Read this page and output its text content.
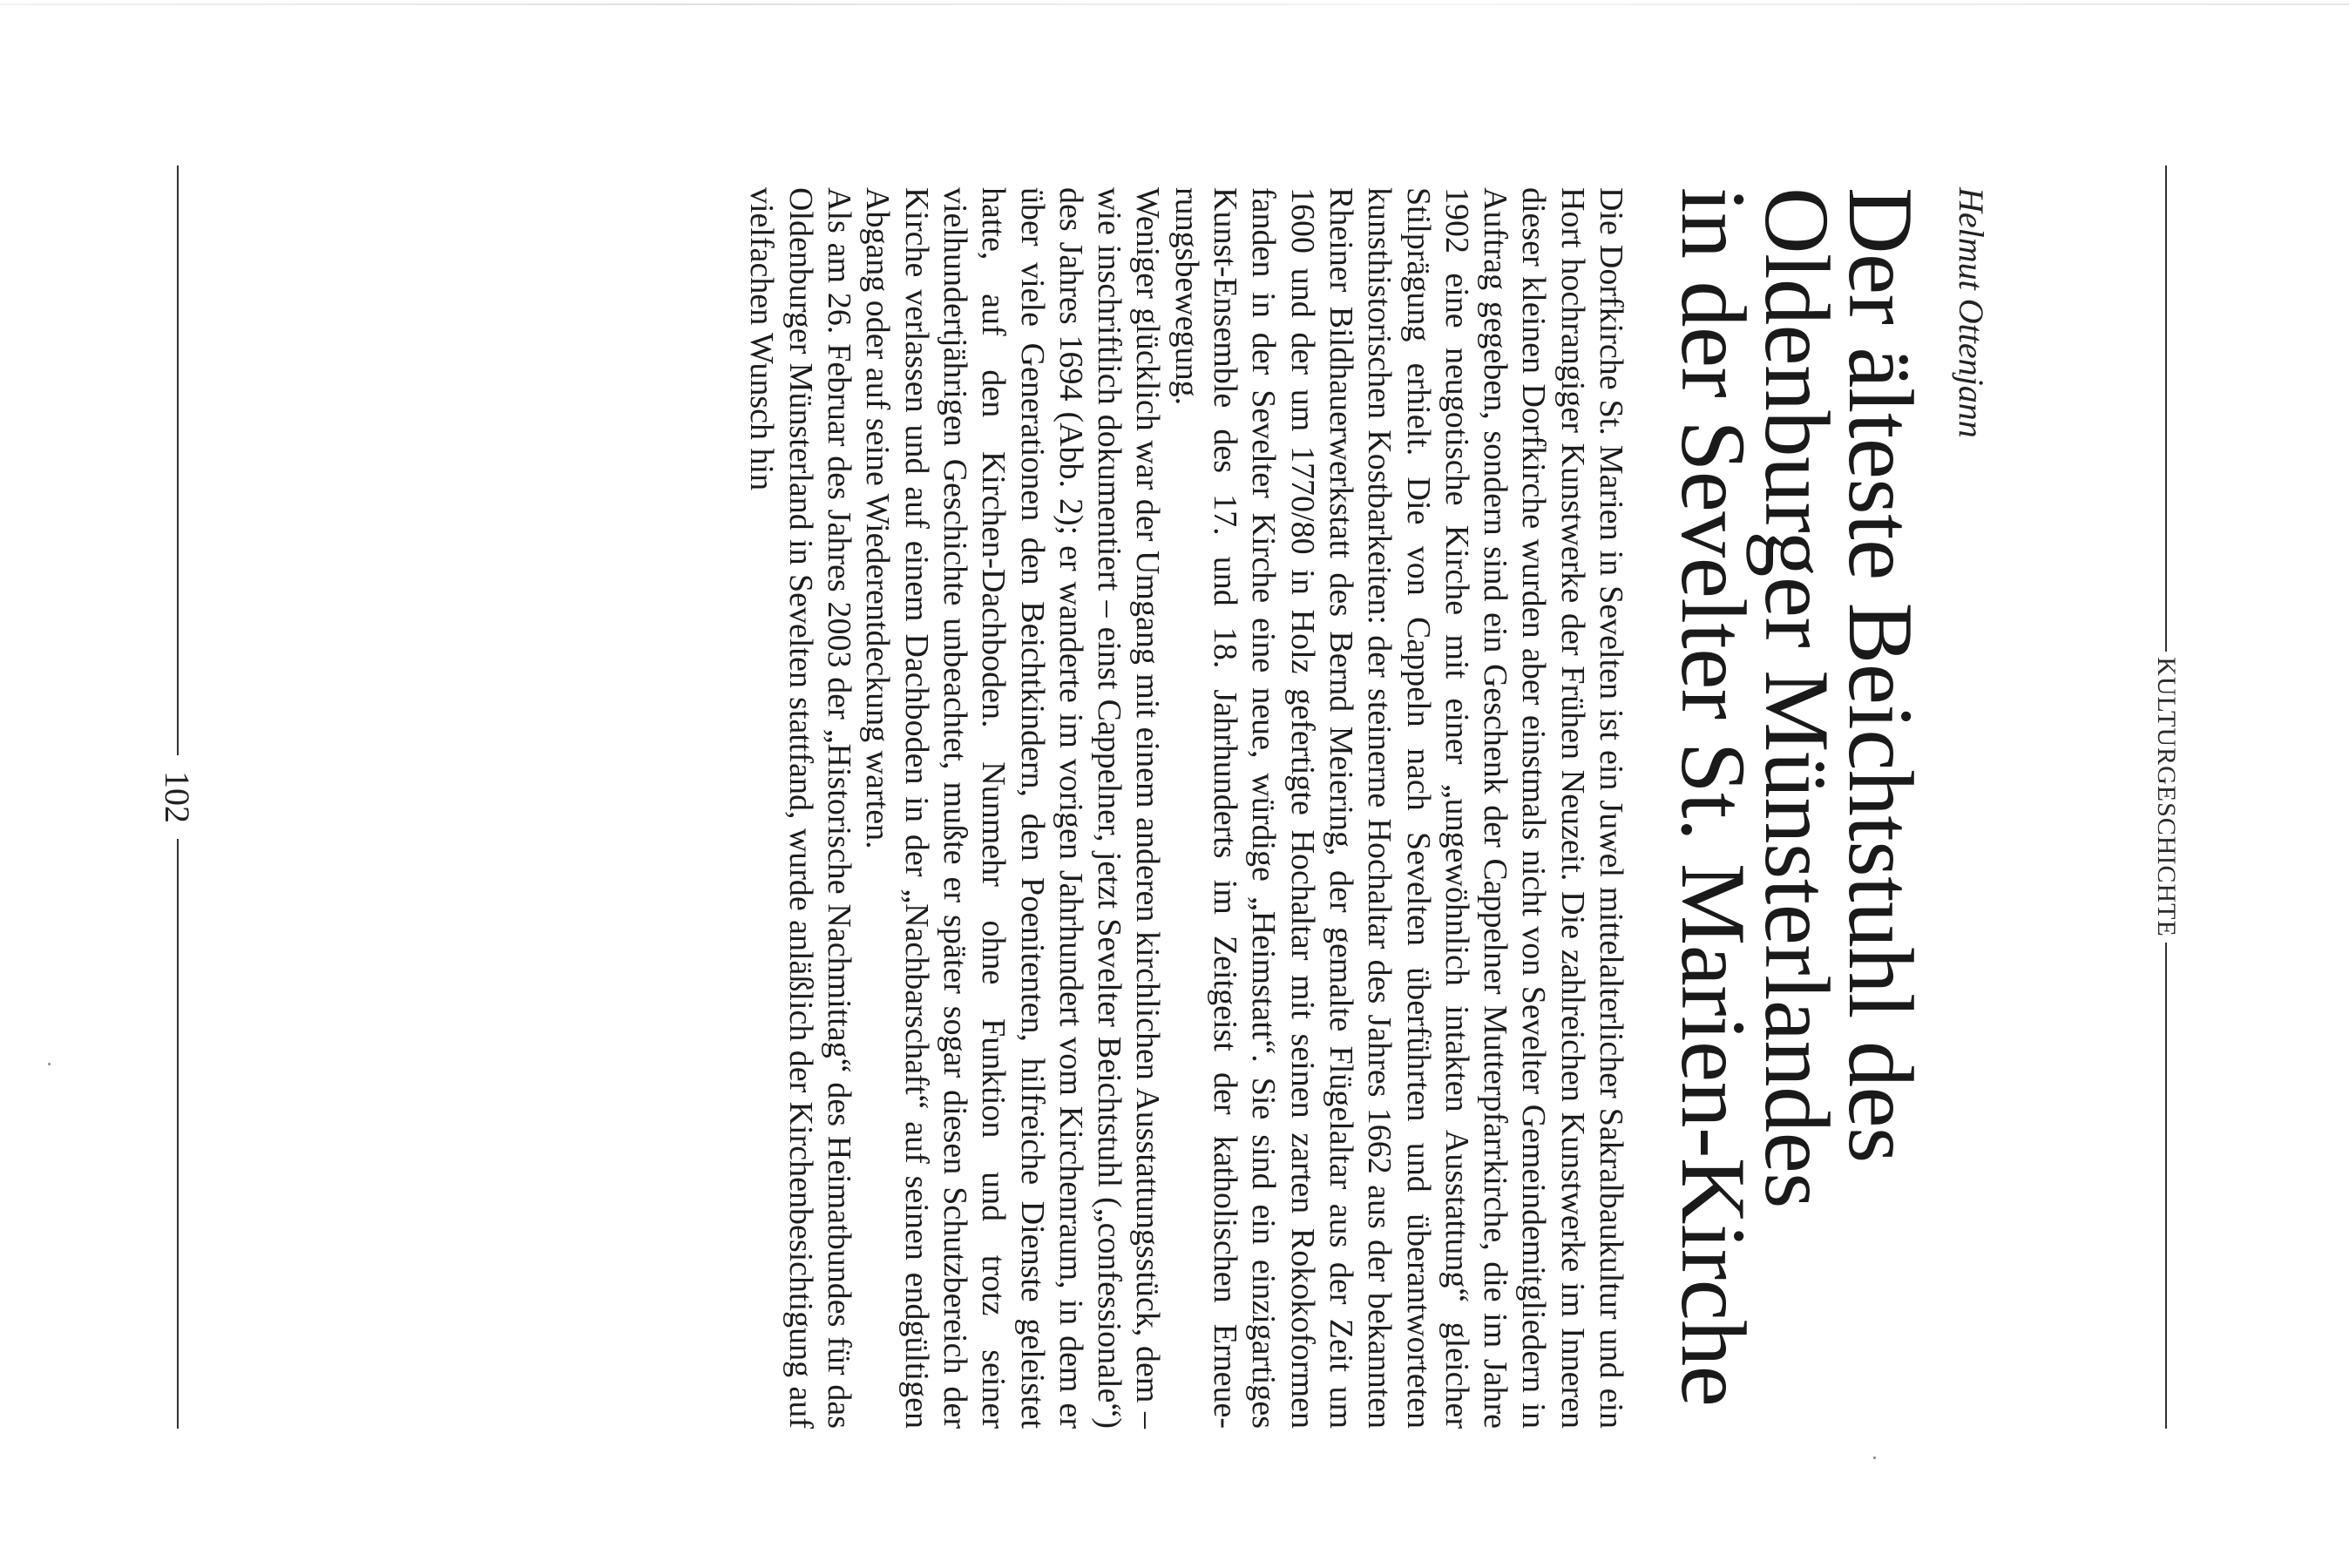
KULTURGESCHICHTE
Helmut Ottenjann
Der älteste Beichtstuhl des
Oldenburger Münsterlandes
in der Sevelter St. Marien-Kirche

Die Dorfkirche St. Marien in Sevelten ist ein Juwel mittelalterlicher Sakralbaukultur und ein Hort hochrangiger Kunstwerke der Frühen Neuzeit. Die zahlreichen Kunstwerke im Inneren dieser kleinen Dorfkirche wurden aber einstmals nicht von Sevelter Gemeindemitgliedern in Auftrag gegeben, sondern sind ein Geschenk der Cappelner Mutterpfarrkirche, die im Jahre 1902 eine neugotische Kirche mit einer „ungewöhnlich intakten Ausstattung“ gleicher Stilprägung erhielt. Die von Cappeln nach Sevelten überführten und überantworteten kunsthistorischen Kostbarkeiten: der steinerne Hochaltar des Jahres 1662 aus der bekannten Rheiner Bildhauerwerkstatt des Bernd Meiering, der gemalte Flügelaltar aus der Zeit um 1600 und der um 1770/80 in Holz gefertigte Hochaltar mit seinen zarten Rokokoformen fanden in der Sevelter Kirche eine neue, würdige „Heimstatt“. Sie sind ein einzigartiges Kunst-Ensemble des 17. und 18. Jahrhunderts im Zeitgeist der katholischen Erneuerungsbewegung.

Weniger glücklich war der Umgang mit einem anderen kirchlichen Ausstattungsstück, dem – wie inschriftlich dokumentiert – einst Cappelner, jetzt Sevelter Beichtstuhl („confessionale“) des Jahres 1694 (Abb. 2); er wanderte im vorigen Jahrhundert vom Kirchenraum, in dem er über viele Generationen den Beichtkindern, den Poenitenten, hilfreiche Dienste geleistet hatte, auf den Kirchen-Dachboden. Nunmehr ohne Funktion und trotz seiner vielhundertjährigen Geschichte unbeachtet, mußte er später sogar diesen Schutzbereich der Kirche verlassen und auf einem Dachboden in der „Nachbarschaft“ auf seinen endgültigen Abgang oder auf seine Wiederentdeckung warten.

Als am 26. Februar des Jahres 2003 der „Historische Nachmittag“ des Heimatbundes für das Oldenburger Münsterland in Sevelten stattfand, wurde anläßlich der Kirchenbesichtigung auf vielfachen Wunsch hin

102
